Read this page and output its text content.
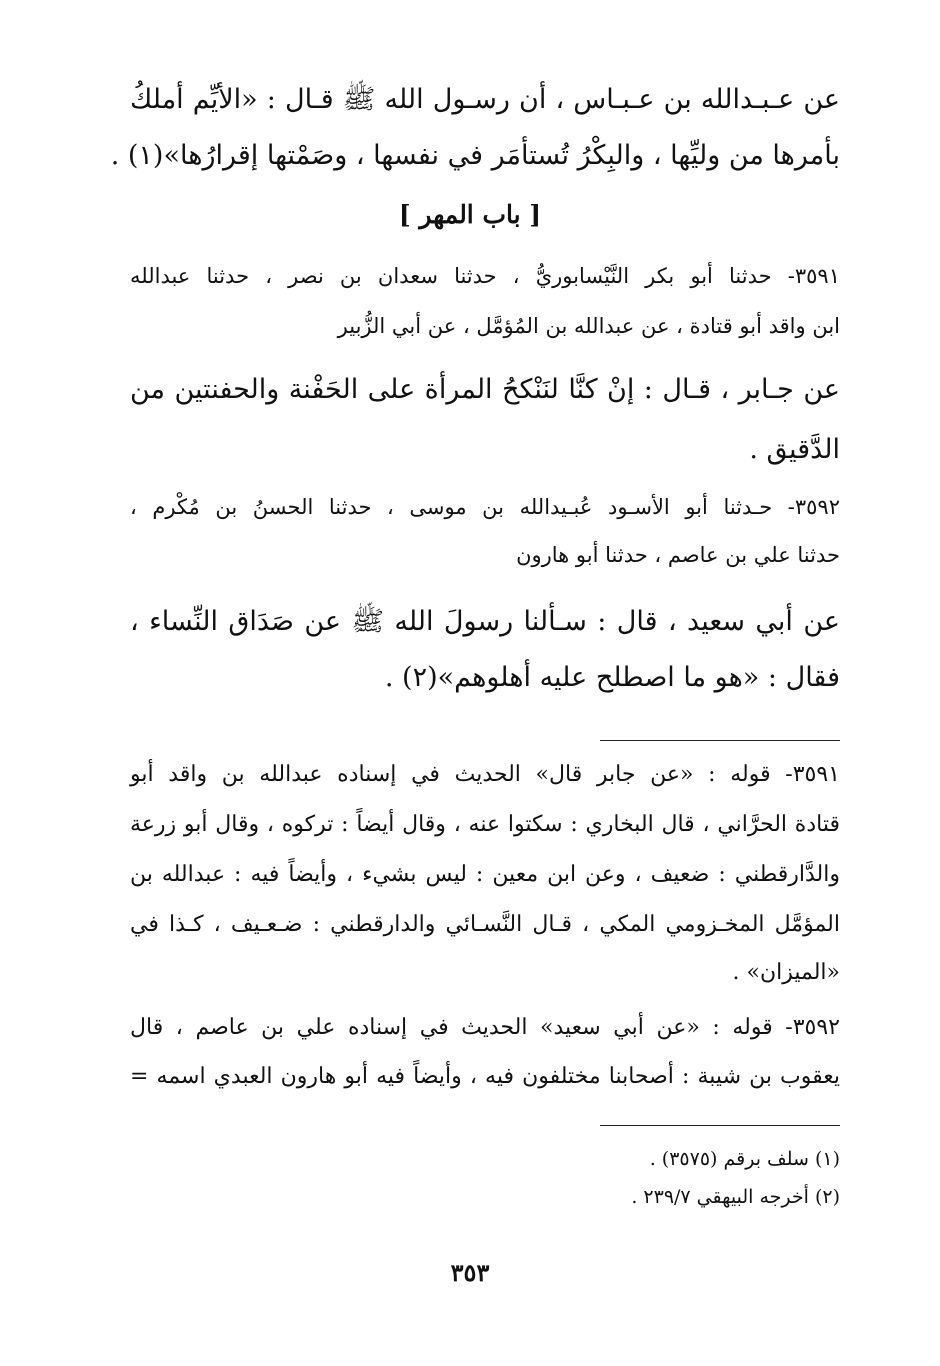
عن عـبـدالله بن عـبـاس ، أن رسـول الله ﷺ قـال : «الأيِّم أملكُ
بأمرها من وليِّها ، والبِكْرُ تُستأمَر في نفسها ، وصَمْتها إقرارُها»(١) .
[ باب المهر ]
٣٥٩١- حدثنا أبو بكر النَّيْسابوريُّ ، حدثنا سعدان بن نصر ، حدثنا عبدالله
ابن واقد أبو قتادة ، عن عبدالله بن المُؤمَّل ، عن أبي الزُّبير
عن جـابر ، قـال : إنْ كنَّا لنَنْكحُ المرأة على الحَفْنة والحفنتين من
الدَّقيق .
٣٥٩٢- حـدثنا أبو الأسـود عُبـيدالله بن موسى ، حدثنا الحسنُ بن مُكْرم ،
حدثنا علي بن عاصم ، حدثنا أبو هارون
عن أبي سعيد ، قال : سـألنا رسولَ الله ﷺ عن صَدَاق النِّساء ،
فقال : «هو ما اصطلح عليه أهلوهم»(٢) .
٣٥٩١- قوله : «عن جابر قال» الحديث في إسناده عبدالله بن واقد أبو
قتادة الحرَّاني ، قال البخاري : سكتوا عنه ، وقال أيضاً : تركوه ، وقال أبو زرعة
والدَّارقطني : ضعيف ، وعن ابن معين : ليس بشيء ، وأيضاً فيه : عبدالله بن
المؤمَّل المخـزومي المكي ، قـال النَّسـائي والدارقطني : ضـعـيف ، كـذا في
«الميزان» .
٣٥٩٢- قوله : «عن أبي سعيد» الحديث في إسناده علي بن عاصم ، قال
يعقوب بن شيبة : أصحابنا مختلفون فيه ، وأيضاً فيه أبو هارون العبدي اسمه =
(١) سلف برقم (٣٥٧٥) .
(٢) أخرجه البيهقي ٢٣٩/٧ .
٣٥٣
